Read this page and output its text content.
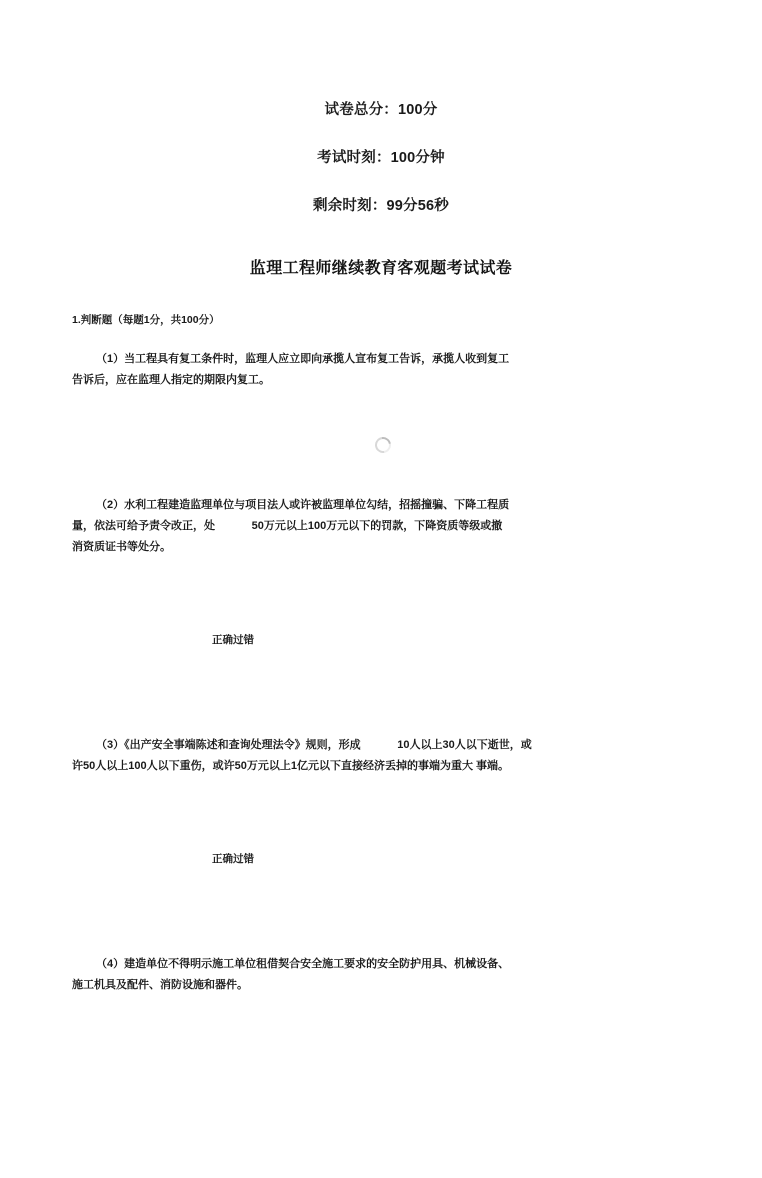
试卷总分：100分
考试时刻：100分钟
剩余时刻：99分56秒
监理工程师继续教育客观题考试试卷
1.判断题（每题1分，共100分）
（1）当工程具有复工条件时，监理人应立即向承揽人宣布复工告诉，承揽人收到复工
告诉后，应在监理人指定的期限内复工。
（2）水利工程建造监理单位与项目法人或许被监理单位勾结，招摇撞骗、下降工程质
量，依法可给予责令改正，处            50万元以上100万元以下的罚款，下降资质等级或撤
消资质证书等处分。
正确过错
（3）《出产安全事端陈述和查询处理法令》规则，形成            10人以上30人以下逝世，或
许50人以上100人以下重伤，或许50万元以上1亿元以下直接经济丢掉的事端为重大 事端。
正确过错
（4）建造单位不得明示施工单位租借契合安全施工要求的安全防护用具、机械设备、
施工机具及配件、消防设施和器件。
